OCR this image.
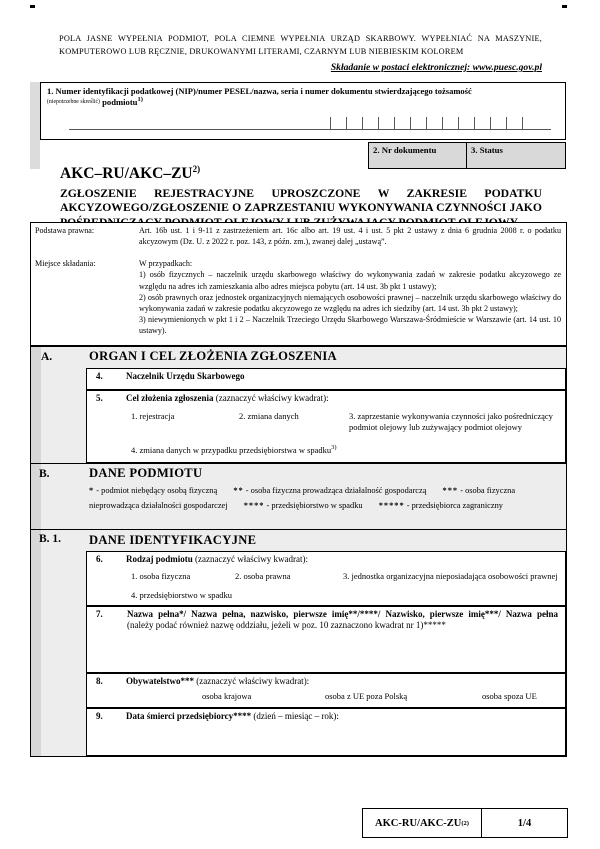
POLA JASNE WYPEŁNIA PODMIOT, POLA CIEMNE WYPEŁNIA URZĄD SKARBOWY. WYPEŁNIAĆ NA MASZYNIE,
KOMPUTEROWO LUB RĘCZNIE, DRUKOWANYMI LITERAMI, CZARNYM LUB NIEBIESKIM KOLOREM
Składanie w postaci elektronicznej: www.puesc.gov.pl
1. Numer identyfikacji podatkowej (NIP)/numer PESEL/nazwa, seria i numer dokumentu stwierdzającego tożsamość
$^{(niepotrzebne skreślić)}$ podmiotu$^{1)}$
2. Nr dokumentu	3. Status
AKC–RU/AKC–ZU$^{2)}$
ZGŁOSZENIE REJESTRACYJNE UPROSZCZONE W ZAKRESIE PODATKU
AKCYZOWEGO/ZGŁOSZENIE O ZAPRZESTANIU WYKONYWANIA CZYNNOŚCI JAKO
Podstawa prawna:	Art. 16b ust. 1 i 9-11 z zastrzeżeniem art. 16c albo art. 19 ust. 4 i ust. 5 pkt 2 ustawy z dnia 6 grudnia 2008 r. o podatku akcyzowym (Dz. U. z 2022 r. poz. 143, z późn. zm.), zwanej dalej „ustawą”.
Miejsce składania:	W przypadkach:
1) osób fizycznych – naczelnik urzędu skarbowego właściwy do wykonywania zadań w zakresie podatku akcyzowego ze względu na adres ich zamieszkania albo adres miejsca pobytu (art. 14 ust. 3b pkt 1 ustawy);
2) osób prawnych oraz jednostek organizacyjnych niemających osobowości prawnej – naczelnik urzędu skarbowego właściwy do wykonywania zadań w zakresie podatku akcyzowego ze względu na adres ich siedziby (art. 14 ust. 3b pkt 2 ustawy);
3) niewymienionych w pkt 1 i 2 – Naczelnik Trzeciego Urzędu Skarbowego Warszawa-Śródmieście w Warszawie (art. 14 ust. 10 ustawy).
A.	ORGAN I CEL ZŁOŻENIA ZGŁOSZENIA
4.	Naczelnik Urzędu Skarbowego
5.	Cel złożenia zgłoszenia (zaznaczyć właściwy kwadrat):
1. rejestracja	2. zmiana danych	3. zaprzestanie wykonywania czynności jako pośredniczący podmiot olejowy lub zużywający podmiot olejowy
4. zmiana danych w przypadku przedsiębiorstwa w spadku$^{3)}$
B.	DANE PODMIOTU
* - podmiot niebędący osobą fizyczną ** - osoba fizyczna prowadząca działalność gospodarczą *** - osoba fizyczna nieprowadząca działalności gospodarczej **** - przedsiębiorstwo w spadku ***** - przedsiębiorca zagraniczny
B. 1. DANE IDENTYFIKACYJNE
6.	Rodzaj podmiotu (zaznaczyć właściwy kwadrat):
1. osoba fizyczna	2. osoba prawna	3. jednostka organizacyjna nieposiadająca osobowości prawnej
4. przedsiębiorstwo w spadku
7.	Nazwa pełna*/ Nazwa pełna, nazwisko, pierwsze imię**/****/ Nazwisko, pierwsze imię***/ Nazwa pełna
(należy podać również nazwę oddziału, jeżeli w poz. 10 zaznaczono kwadrat nr 1)*****
8.	Obywatelstwo*** (zaznaczyć właściwy kwadrat):
osoba krajowa	osoba z UE poza Polską	osoba spoza UE
9.	Data śmierci przedsiębiorcy**** (dzień – miesiąc – rok):
AKC-RU/AKC-ZU (2)	1/4
